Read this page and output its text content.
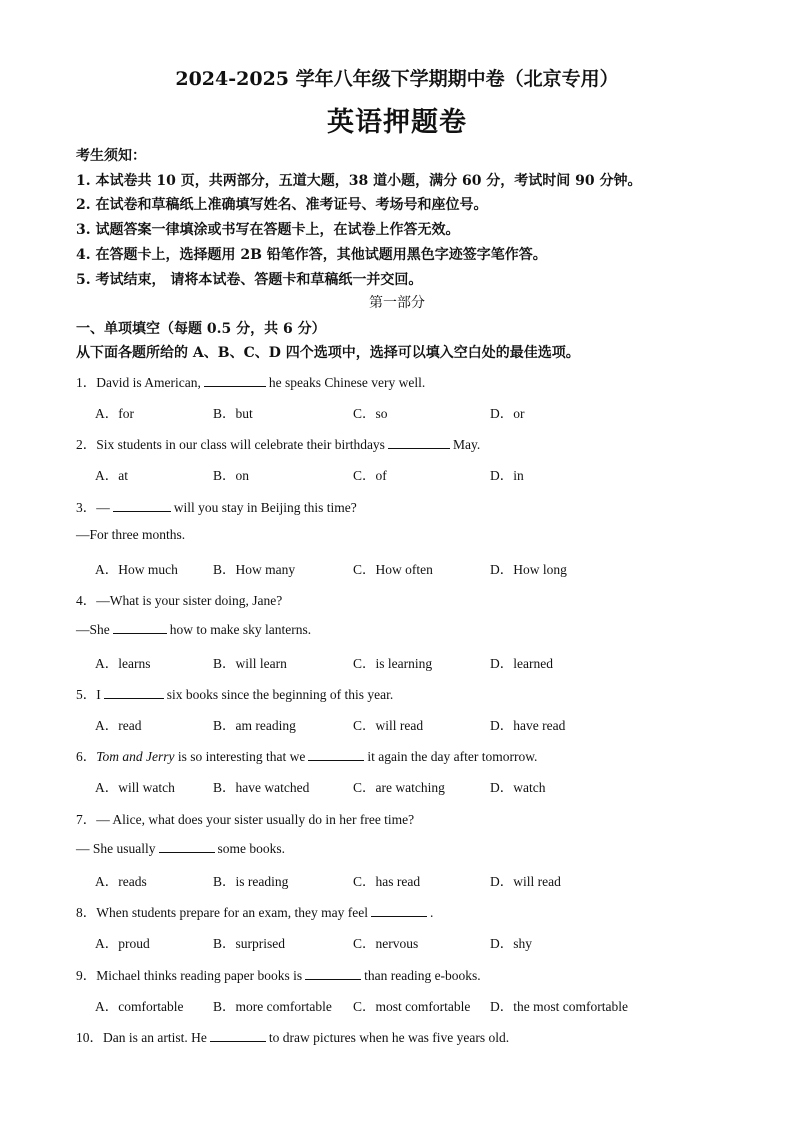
2024-2025 学年八年级下学期期中卷（北京专用）
英语押题卷
考生须知：
1. 本试卷共 10 页，共两部分，五道大题，38 道小题，满分 60 分，考试时间 90 分钟。
2. 在试卷和草稿纸上准确填写姓名、准考证号、考场号和座位号。
3. 试题答案一律填涂或书写在答题卡上，在试卷上作答无效。
4. 在答题卡上，选择题用 2B 铅笔作答，其他试题用黑色字迹签字笔作答。
5. 考试结束， 请将本试卷、答题卡和草稿纸一并交回。
第一部分
一、单项填空（每题 0.5 分，共 6 分）
从下面各题所给的 A、B、C、D 四个选项中，选择可以填入空白处的最佳选项。
1．David is American,	he speaks Chinese very well.
A．for	B．but	C．so	D．or
2．Six students in our class will celebrate their birthdays	May.
A．at	B．on	C．of	D．in
3．—	will you stay in Beijing this time?
—For three months.
A．How much	B．How many	C．How often	D．How long
4．—What is your sister doing, Jane?
—She	how to make sky lanterns.
A．learns	B．will learn	C．is learning	D．learned
5．I	six books since the beginning of this year.
A．read	B．am reading	C．will read	D．have read
6．Tom and Jerry is so interesting that we	it again the day after tomorrow.
A．will watch	B．have watched	C．are watching	D．watch
7．— Alice, what does your sister usually do in her free time?
— She usually	some books.
A．reads	B．is reading	C．has read	D．will read
8．When students prepare for an exam, they may feel	.
A．proud	B．surprised	C．nervous	D．shy
9．Michael thinks reading paper books is	than reading e-books.
A．comfortable B．more comfortable C．most comfortable D．the most comfortable
10．Dan is an artist. He	to draw pictures when he was five years old.
